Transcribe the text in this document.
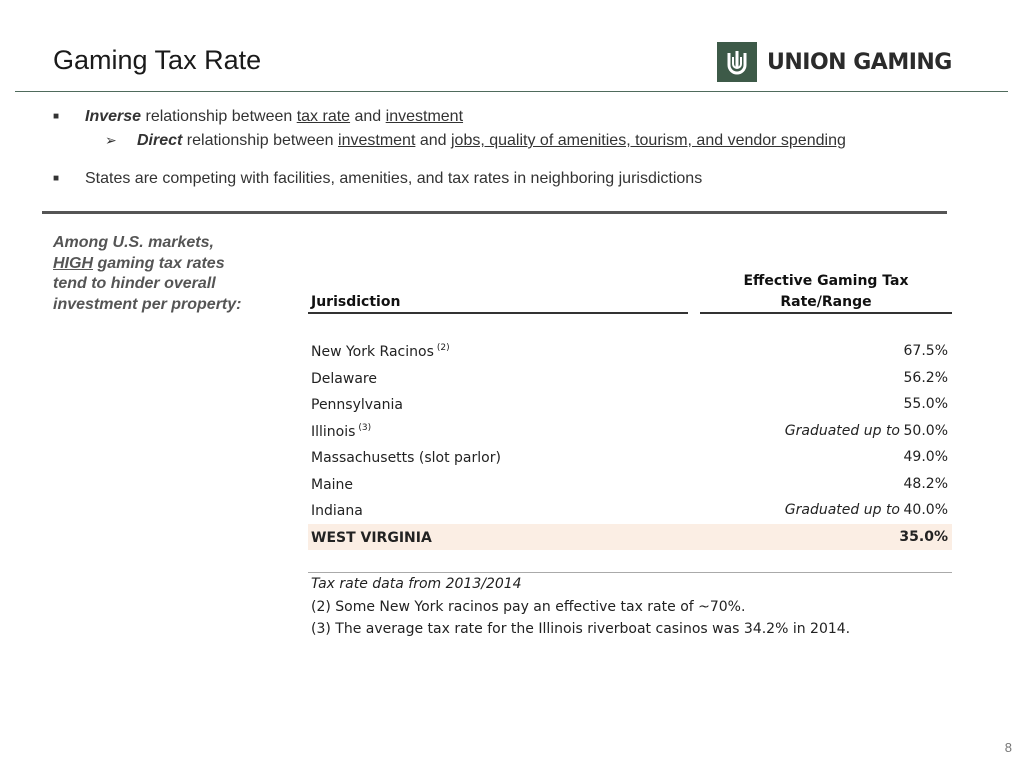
Gaming Tax Rate	UNION GAMING
■ Inverse relationship between tax rate and investment
➢ Direct relationship between investment and jobs, quality of amenities, tourism, and vendor spending
■ States are competing with facilities, amenities, and tax rates in neighboring jurisdictions
Among U.S. markets,
HIGH gaming tax rates
tend to hinder overall
investment per property:	Jurisdiction
Effective Gaming Tax
Rate/Range
New York Racinos $^{(2)}$	67.5%
Delaware	56.2%
Pennsylvania	55.0%
Illinois $^{(3)}$	Graduated up to 50.0%
Massachusetts (slot parlor)	49.0%
Maine	48.2%
Indiana	Graduated up to 40.0%
WEST VIRGINIA	35.0%
Tax rate data from 2013/2014
(2) Some New York racinos pay an effective tax rate of ~70%.
(3) The average tax rate for the Illinois riverboat casinos was 34.2% in 2014.
8
